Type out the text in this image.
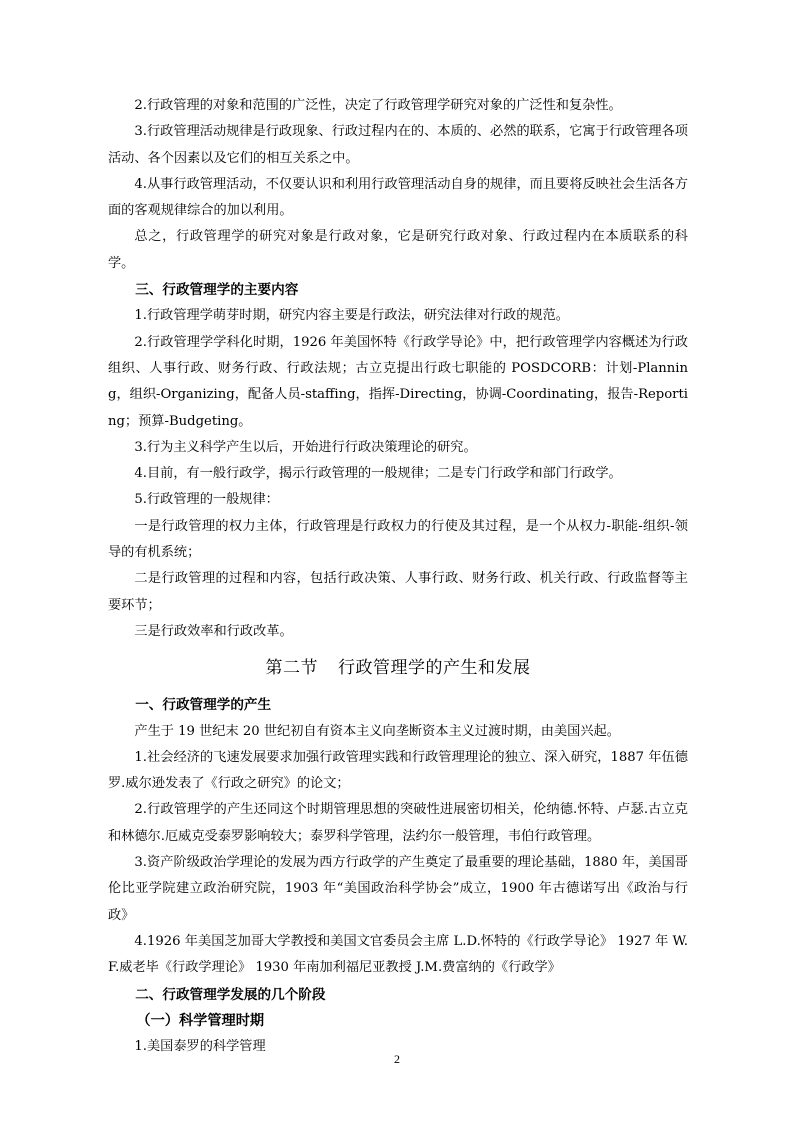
2.行政管理的对象和范围的广泛性，决定了行政管理学研究对象的广泛性和复杂性。

3.行政管理活动规律是行政现象、行政过程内在的、本质的、必然的联系，它寓于行政管理各项活动、各个因素以及它们的相互关系之中。

4.从事行政管理活动，不仅要认识和利用行政管理活动自身的规律，而且要将反映社会生活各方面的客观规律综合的加以利用。

总之，行政管理学的研究对象是行政对象，它是研究行政对象、行政过程内在本质联系的科学。

三、行政管理学的主要内容

1.行政管理学萌芽时期，研究内容主要是行政法，研究法律对行政的规范。

2.行政管理学学科化时期，1926 年美国怀特《行政学导论》中，把行政管理学内容概述为行政组织、人事行政、财务行政、行政法规；古立克提出行政七职能的 POSDCORB：计划-Planning，组织-Organizing，配备人员-staffing，指挥-Directing，协调-Coordinating，报告-Reporting；预算-Budgeting。

3.行为主义科学产生以后，开始进行行政决策理论的研究。

4.目前，有一般行政学，揭示行政管理的一般规律；二是专门行政学和部门行政学。

5.行政管理的一般规律：

一是行政管理的权力主体，行政管理是行政权力的行使及其过程，是一个从权力-职能-组织-领导的有机系统；

二是行政管理的过程和内容，包括行政决策、人事行政、财务行政、机关行政、行政监督等主要环节；

三是行政效率和行政改革。

第二节 行政管理学的产生和发展

一、行政管理学的产生

产生于 19 世纪末 20 世纪初自有资本主义向垄断资本主义过渡时期，由美国兴起。

1.社会经济的飞速发展要求加强行政管理实践和行政管理理论的独立、深入研究，1887 年伍德罗.威尔逊发表了《行政之研究》的论文；

2.行政管理学的产生还同这个时期管理思想的突破性进展密切相关，伦纳德.怀特、卢瑟.古立克和林德尔.厄威克受泰罗影响较大；泰罗科学管理，法约尔一般管理，韦伯行政管理。

3.资产阶级政治学理论的发展为西方行政学的产生奠定了最重要的理论基础，1880 年，美国哥伦比亚学院建立政治研究院，1903 年“美国政治科学协会”成立，1900 年古德诺写出《政治与行政》

4.1926 年美国芝加哥大学教授和美国文官委员会主席 L.D.怀特的《行政学导论》 1927 年 W.F.威老毕《行政学理论》 1930 年南加利福尼亚教授 J.M.费富纳的《行政学》

二、行政管理学发展的几个阶段

（一）科学管理时期

1.美国泰罗的科学管理

2
